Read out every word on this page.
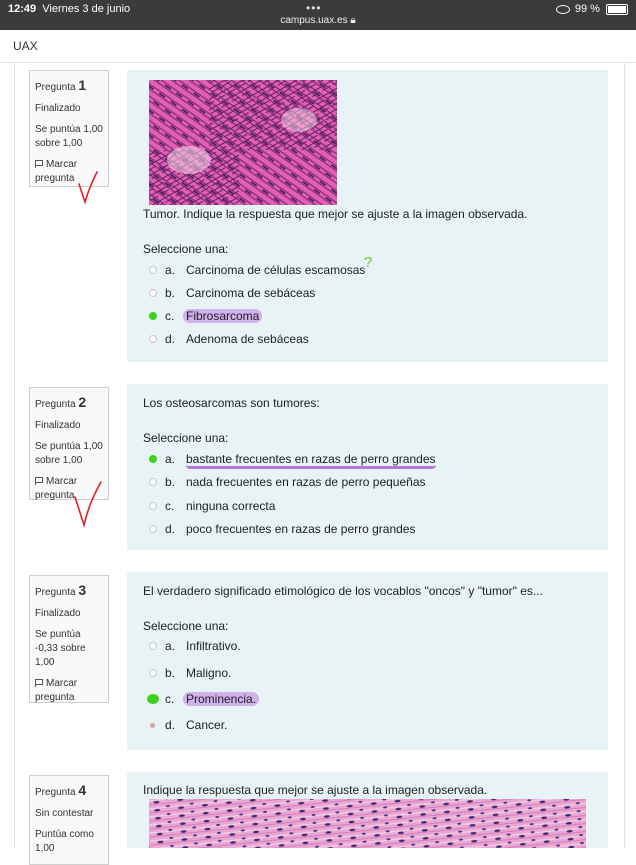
12:49 Viernes 3 de junio	•••
campus.uax.es 🔒︎
99 %
UAX
Pregunta 1
Finalizado
Se puntúa 1,00
sobre 1,00
Marcar
pregunta
Tumor. Indique la respuesta que mejor se ajuste a la imagen observada.
Seleccione una:
a. Carcinoma de células escamosas
?
b. Carcinoma de sebáceas
c. Fibrosarcoma
d. Adenoma de sebáceas
Pregunta 2
Finalizado
Se puntúa 1,00
sobre 1,00
Marcar
pregunta
Los osteosarcomas son tumores:
Seleccione una:
a. bastante frecuentes en razas de perro grandes
b. nada frecuentes en razas de perro pequeñas
c. ninguna correcta
d. poco frecuentes en razas de perro grandes
Pregunta 3
Finalizado
Se puntúa
-0,33 sobre
1,00
Marcar
pregunta
El verdadero significado etimológico de los vocablos "oncos" y "tumor" es...
Seleccione una:
a. Infiltrativo.
b. Maligno.
c. Prominencia.
d. Cancer.
Pregunta 4
Sin contestar
Puntúa como
1,00
Indique la respuesta que mejor se ajuste a la imagen observada.
